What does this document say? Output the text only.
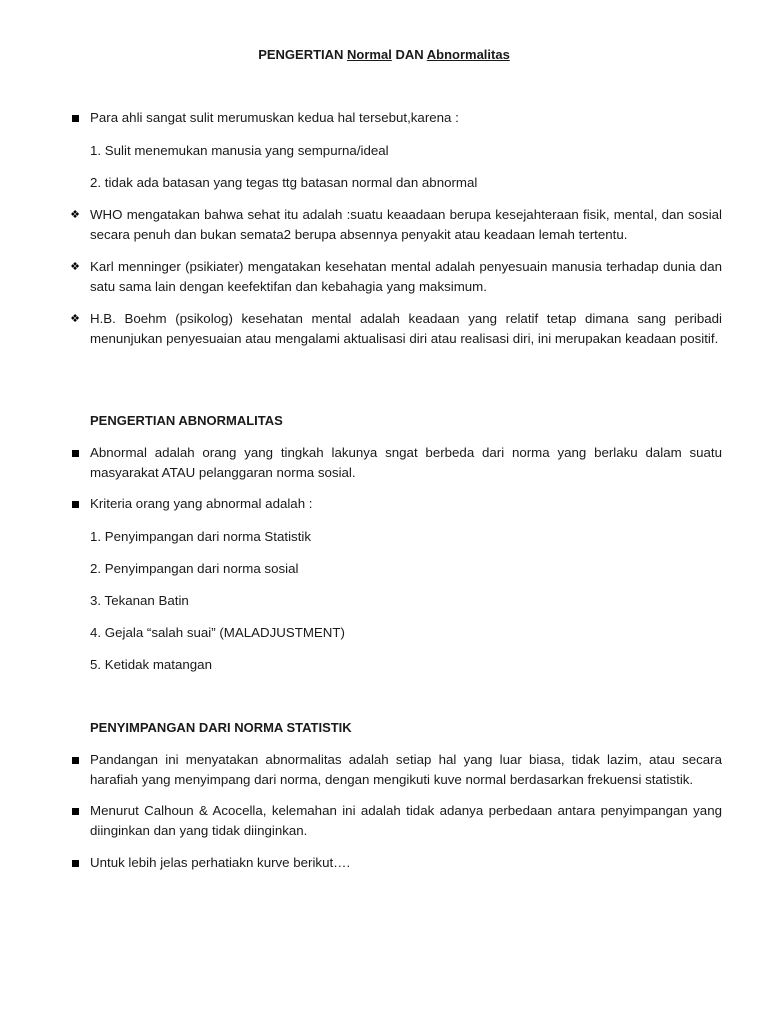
PENGERTIAN Normal DAN Abnormalitas
Para ahli sangat sulit merumuskan kedua hal tersebut,karena :
1. Sulit menemukan manusia yang sempurna/ideal
2. tidak ada batasan yang tegas ttg batasan normal dan abnormal
❖ WHO mengatakan bahwa sehat itu adalah :suatu keaadaan berupa kesejahteraan fisik, mental, dan sosial secara penuh dan bukan semata2 berupa absennya penyakit atau keadaan lemah tertentu.
❖ Karl menninger (psikiater) mengatakan kesehatan mental adalah penyesuain manusia terhadap dunia dan satu sama lain dengan keefektifan dan kebahagia yang maksimum.
❖ H.B. Boehm (psikolog) kesehatan mental adalah keadaan yang relatif tetap dimana sang peribadi menunjukan penyesuaian atau mengalami aktualisasi diri atau realisasi diri, ini merupakan keadaan positif.
PENGERTIAN ABNORMALITAS
Abnormal adalah orang yang tingkah lakunya sngat berbeda dari norma yang berlaku dalam suatu masyarakat ATAU pelanggaran norma sosial.
Kriteria orang yang abnormal adalah :
1. Penyimpangan dari norma Statistik
2. Penyimpangan dari norma sosial
3. Tekanan Batin
4. Gejala “salah suai” (MALADJUSTMENT)
5. Ketidak matangan
PENYIMPANGAN DARI NORMA STATISTIK
Pandangan ini menyatakan abnormalitas adalah setiap hal yang luar biasa, tidak lazim, atau secara harafiah yang menyimpang dari norma, dengan mengikuti kuve normal berdasarkan frekuensi statistik.
Menurut Calhoun & Acocella, kelemahan ini adalah tidak adanya perbedaan antara penyimpangan yang diinginkan dan yang tidak diinginkan.
Untuk lebih jelas perhatiakn kurve berikut….
